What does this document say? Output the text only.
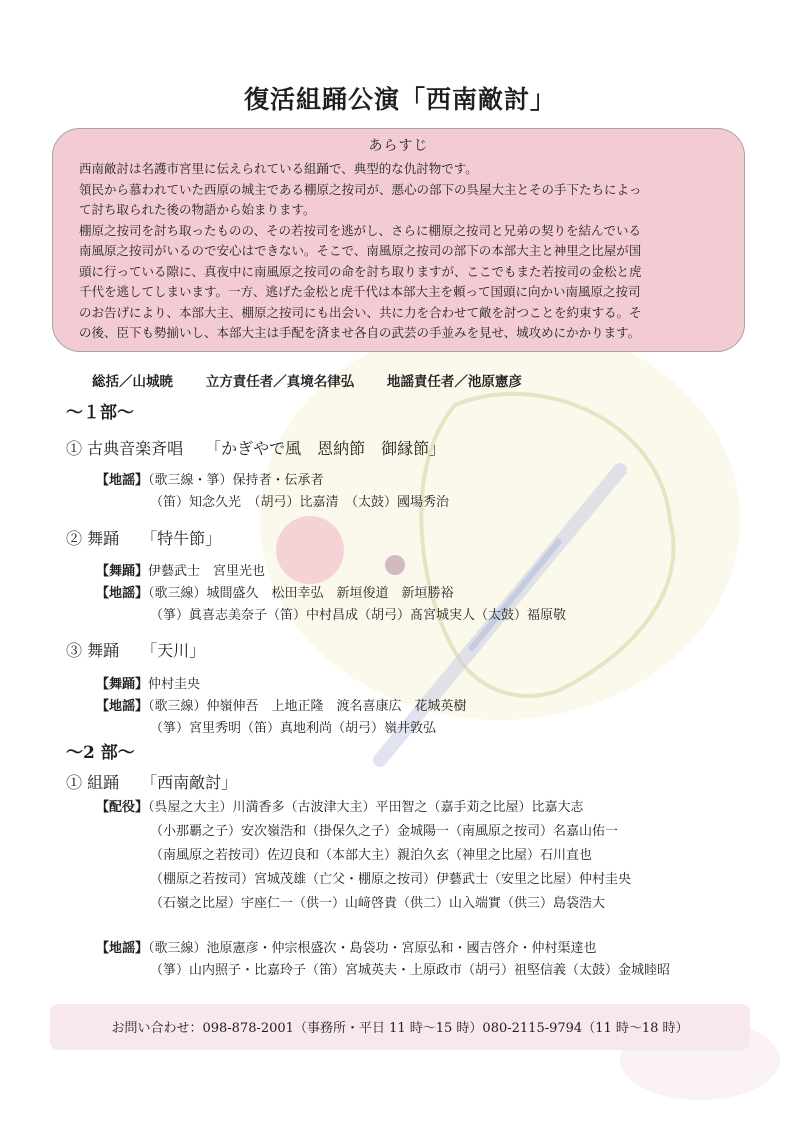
復活組踊公演「西南敵討」
あらすじ
西南敵討は名護市宮里に伝えられている組踊で、典型的な仇討物です。
領民から慕われていた西原の城主である棚原之按司が、悪心の部下の呉屋大主とその手下たちによっ
て討ち取られた後の物語から始まります。
棚原之按司を討ち取ったものの、その若按司を逃がし、さらに棚原之按司と兄弟の契りを結んでいる
南風原之按司がいるので安心はできない。そこで、南風原之按司の部下の本部大主と神里之比屋が国
頭に行っている隙に、真夜中に南風原之按司の命を討ち取りますが、ここでもまた若按司の金松と虎
千代を逃してしまいます。一方、逃げた金松と虎千代は本部大主を頼って国頭に向かい南風原之按司
のお告げにより、本部大主、棚原之按司にも出会い、共に力を合わせて敵を討つことを約束する。そ
の後、臣下も勢揃いし、本部大主は手配を済ませ各自の武芸の手並みを見せ、城攻めにかかります。
総括／山城暁 立方責任者／真境名律弘 地謡責任者／池原憲彦
～１部～
① 古典音楽斉唱 「かぎやで風　恩納節　御縁節」
【地謡】（歌三線・箏）保持者・伝承者
（笛）知念久光　（胡弓）比嘉清　（太鼓）國場秀治
② 舞踊 「特牛節」
【舞踊】伊藝武士　宮里光也
【地謡】（歌三線）城間盛久　松田幸弘　新垣俊道　新垣勝裕
（箏）眞喜志美奈子（笛）中村昌成（胡弓）髙宮城実人（太鼓）福原敬
③ 舞踊 「天川」
【舞踊】仲村圭央
【地謡】（歌三線）仲嶺伸吾　上地正隆　渡名喜康広　花城英樹
（箏）宮里秀明（笛）真地利尚（胡弓）嶺井敦弘
～2 部～
① 組踊 「西南敵討」
【配役】（呉屋之大主）川満香多（古波津大主）平田智之（嘉手苅之比屋）比嘉大志
（小那覇之子）安次嶺浩和（掛保久之子）金城陽一（南風原之按司）名嘉山佑一
（南風原之若按司）佐辺良和（本部大主）親泊久玄（神里之比屋）石川直也
（棚原之若按司）宮城茂雄（亡父・棚原之按司）伊藝武士（安里之比屋）仲村圭央
（石嶺之比屋）宇座仁一（供一）山﨑啓貴（供二）山入端實（供三）島袋浩大
【地謡】（歌三線）池原憲彦・仲宗根盛次・島袋功・宮原弘和・國吉啓介・仲村渠達也
（箏）山内照子・比嘉玲子（笛）宮城英夫・上原政市（胡弓）祖堅信義（太鼓）金城睦昭
お問い合わせ：098-878-2001（事務所・平日 11 時～15 時）080-2115-9794（11 時～18 時）
